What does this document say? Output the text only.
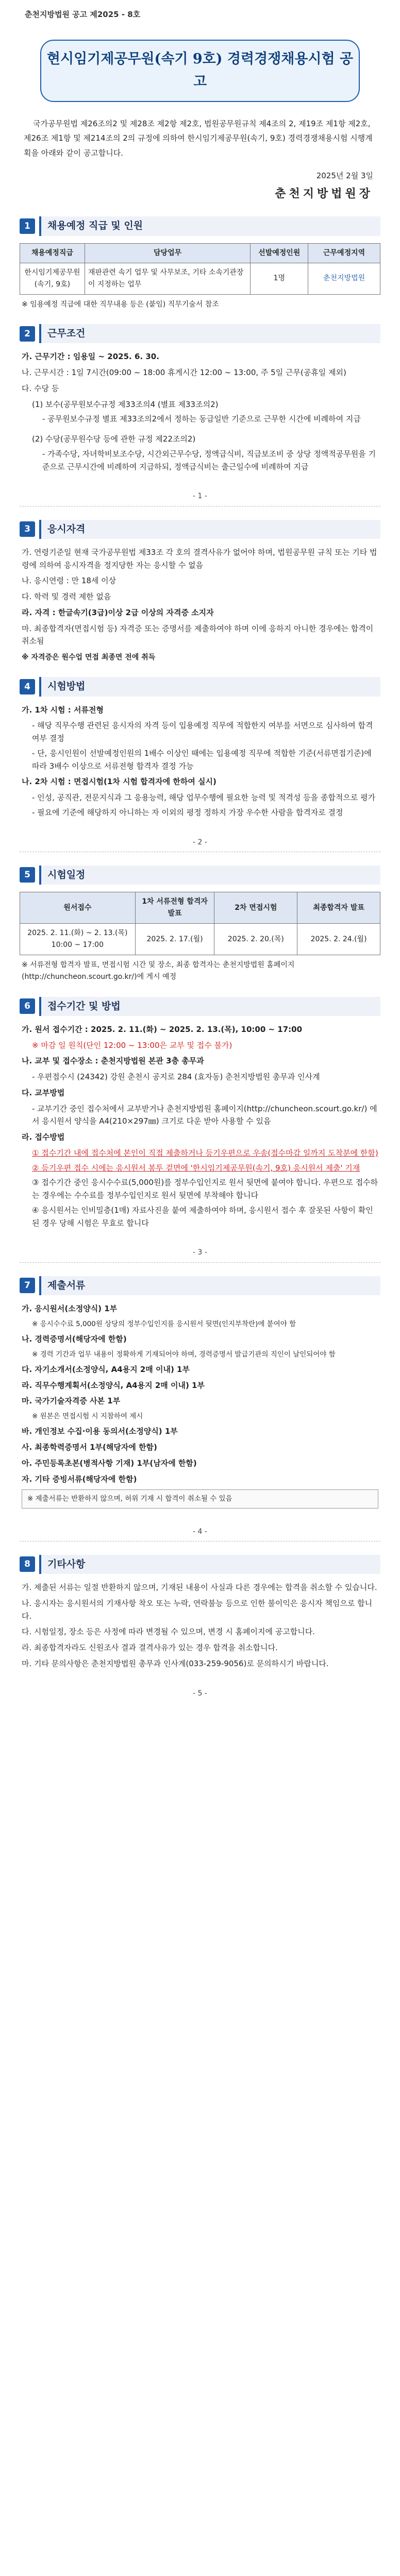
춘천지방법원 공고 제2025 - 8호
현시임기제공무원(속기 9호) 경력경쟁채용시험 공고

국가공무원법 제26조의2 및 제28조 제2항 제2호, 법원공무원규칙 제4조의 2, 제19조 제1항 제2호, 제26조 제1항 및 제214조의 2의 규정에 의하여 한시임기제공무원(속기, 9호) 경력경쟁채용시험 시행계획을 아래와 같이 공고합니다.

2025년 2월 3일
춘천지방법원장
1	채용예정 직급 및 인원
채용예정직급	담당업무	선발예정인원	근무예정지역
한시임기제공무원 (속기, 9호)	재판관련 속기 업무 및 사무보조, 기타 소속기관장이 지정하는 업무	1명	춘천지방법원
※ 임용예정 직급에 대한 직무내용 등은 (붙임) 직무기술서 참조
2	근무조건
가. 근무기간 : 임용일 ~ 2025. 6. 30.
나. 근무시간 : 1일 7시간(09:00 ~ 18:00 휴게시간 12:00 ~ 13:00, 주 5일 근무(공휴일 제외)
다. 수당 등
(1) 보수(공무원보수규정 제33조의4 (별표 제33조의2)
- 공무원보수규정 별표 제33조의2에서 정하는 동급일반 기준으로 근무한 시간에 비례하여 지급
(2) 수당(공무원수당 등에 관한 규정 제22조의2)
- 가족수당, 자녀학비보조수당, 시간외근무수당, 정액급식비, 직급보조비 중 상당 정액적공무원을 기준으로 근무시간에 비례하여 지급하되, 정액급식비는 출근일수에 비례하여 지급
- 1 -
3	응시자격
가. 연령기준일 현재 국가공무원법 제33조 각 호의 결격사유가 없어야 하며, 법원공무원 규칙 또는 기타 법령에 의하여 응시자격을 정지당한 자는 응시할 수 없음
나. 응시연령 : 만 18세 이상
다. 학력 및 경력 제한 없음
라. 자격 : 한글속기(3급)이상 2급 이상의 자격증 소지자
마. 최종합격자(면접시험 등) 자격증 또는 증명서를 제출하여야 하며 이에 응하지 아니한 경우에는 합격이 취소됨
※ 자격증은 원수업 면접 최종면 전에 취득
4	시험방법
가. 1차 시험 : 서류전형
- 해당 직무수행 관련된 응시자의 자격 등이 입용예정 직무에 적합한지 여부를 서면으로 심사하여 합격 여부 결정
- 단, 응시인원이 선발예정인원의 1배수 이상인 때에는 입용예정 직무에 적합한 기준(서류면접기준)에 따라 3배수 이상으로 서류전형 합격자 결정 가능
나. 2차 시험 : 면접시험(1차 시험 합격자에 한하여 실시)
- 인성, 공직관, 전문지식과 그 응용능력, 해당 업무수행에 필요한 능력 및 적격성 등을 종합적으로 평가
- 필요에 기준에 해당하지 아니하는 자 이외의 평정 정하지 가장 우수한 사람을 합격자로 결정
- 2 -
5	시험일정
원서접수	1차 서류전형 합격자 발표	2차 면접시험	최종합격자 발표
2025. 2. 11.(화) ~ 2. 13.(목) 10:00 ~ 17:00	2025. 2. 17.(월)	2025. 2. 20.(목)	2025. 2. 24.(월)
※ 서류전형 합격자 발표, 면접시험 시간 및 장소, 최종 합격자는 춘천지방법원 홈페이지(http://chuncheon.scourt.go.kr/)에 게시 예정
6	접수기간 및 방법
가. 원서 접수기간 : 2025. 2. 11.(화) ~ 2025. 2. 13.(목), 10:00 ~ 17:00
※ 마감 일 원칙(단인 12:00 ~ 13:00은 교부 및 접수 불가)
나. 교부 및 접수장소 : 춘천지방법원 본관 3층 총무과
- 우편접수시 (24342) 강원 춘천시 공지로 284 (효자동) 춘천지방법원 총무과 인사계
다. 교부방법
- 교부기간 중인 접수처에서 교부받거나 춘천지방법원 홈페이지(http://chuncheon.scourt.go.kr/) 에서 응시원서 양식을 A4(210×297㎜) 크기로 다운 받아 사용할 수 있음
라. 접수방법
① 접수기간 내에 접수처에 본인이 직접 제출하거나 등기우편으로 우송(접수마감 일까지 도착분에 한함)
② 등기우편 접수 시에는 응시원서 봉투 겉면에 '한시임기제공무원(속기, 9호) 응시원서 제출' 기재
③ 접수기간 중인 응시수수료(5,000원)를 정부수입인지로 원서 뒷면에 붙여야 합니다. 우편으로 접수하는 경우에는 수수료를 정부수입인지로 원서 뒷면에 부착해야 합니다
④ 응시원서는 인비밀층(1매) 자료사진을 붙여 제출하여야 하며, 응시원서 접수 후 잘못된 사항이 확인된 경우 당해 시험은 무효로 합니다
- 3 -
7	제출서류
가. 응시원서(소정양식) 1부
※ 응시수수료 5,000원 상당의 정부수입인지를 응시원서 뒷면(인지부착란)에 붙여야 함
나. 경력증명서(해당자에 한함)
※ 경력 기간과 업무 내용이 정확하게 기재되어야 하며, 경력증명서 발급기관의 직인이 날인되어야 함
다. 자기소개서(소정양식, A4용지 2매 이내) 1부
라. 직무수행계획서(소정양식, A4용지 2매 이내) 1부
마. 국가기술자격증 사본 1부
※ 원본은 면접시험 시 지참하여 제시
바. 개인정보 수집·이용 동의서(소정양식) 1부
사. 최종학력증명서 1부(해당자에 한함)
아. 주민등록초본(병적사항 기재) 1부(남자에 한함)
자. 기타 증빙서류(해당자에 한함)
※ 제출서류는 반환하지 않으며, 허위 기재 시 합격이 취소될 수 있음
- 4 -
8	기타사항
가. 제출된 서류는 일절 반환하지 않으며, 기재된 내용이 사실과 다른 경우에는 합격을 취소할 수 있습니다.
나. 응시자는 응시원서의 기재사항 착오 또는 누락, 연락불능 등으로 인한 불이익은 응시자 책임으로 합니다.
다. 시험일정, 장소 등은 사정에 따라 변경될 수 있으며, 변경 시 홈페이지에 공고합니다.
라. 최종합격자라도 신원조사 결과 결격사유가 있는 경우 합격을 취소합니다.
마. 기타 문의사항은 춘천지방법원 총무과 인사계(033-259-9056)로 문의하시기 바랍니다.
- 5 -
